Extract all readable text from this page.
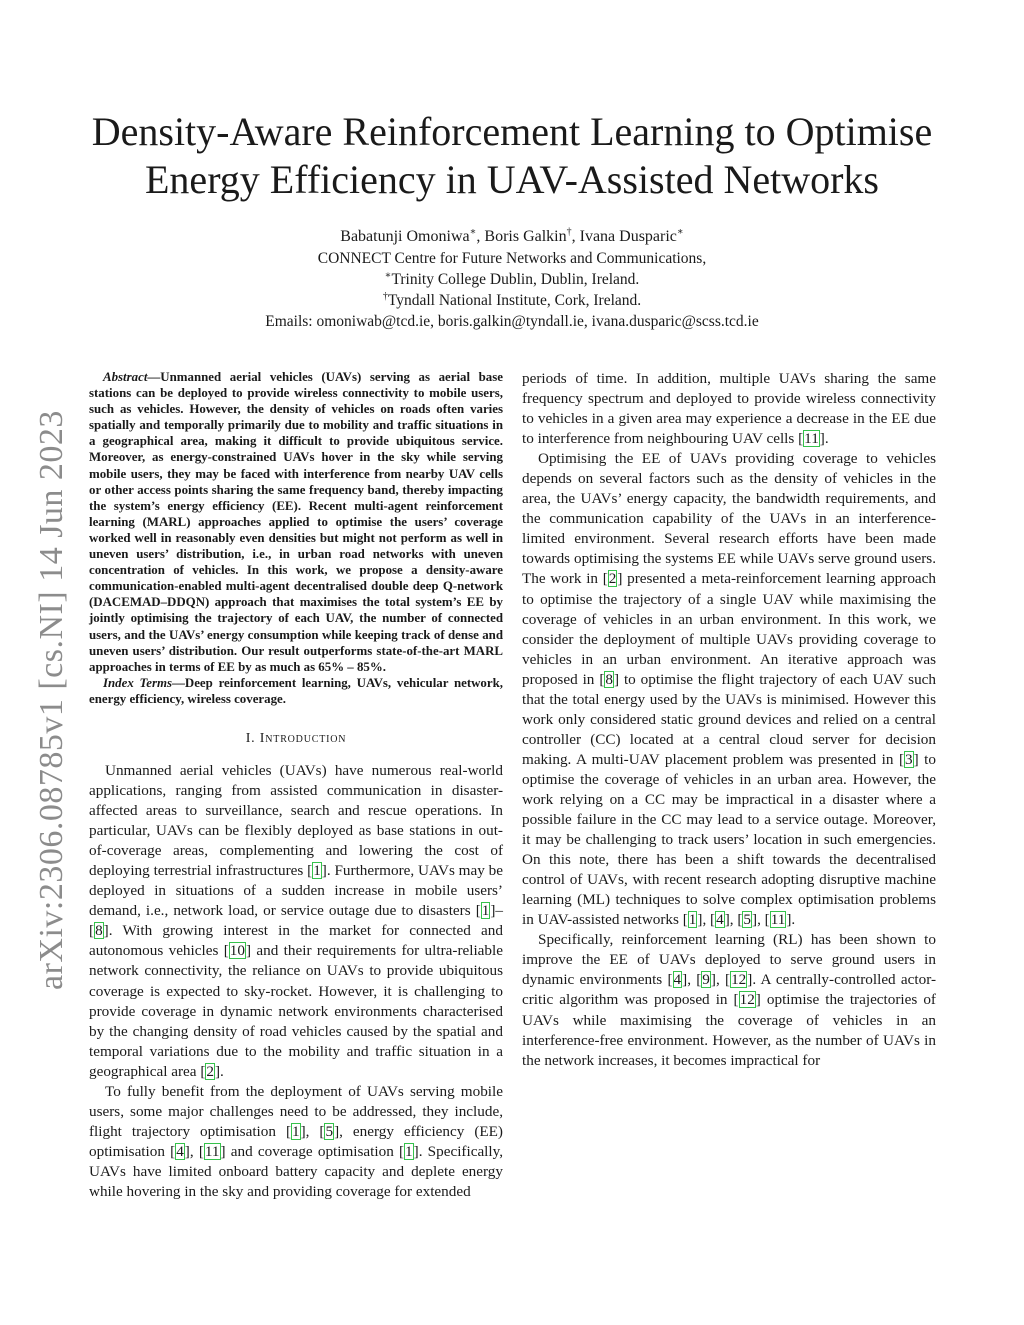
arXiv:2306.08785v1 [cs.NI] 14 Jun 2023
Density-Aware Reinforcement Learning to Optimise
Energy Efficiency in UAV-Assisted Networks
Babatunji Omoniwa∗, Boris Galkin†, Ivana Dusparic∗
CONNECT Centre for Future Networks and Communications,
∗Trinity College Dublin, Dublin, Ireland.
†Tyndall National Institute, Cork, Ireland.
Emails: omoniwab@tcd.ie, boris.galkin@tyndall.ie, ivana.dusparic@scss.tcd.ie

Abstract—Unmanned aerial vehicles (UAVs) serving as aerial base stations can be deployed to provide wireless connectivity to mobile users, such as vehicles. However, the density of vehicles on roads often varies spatially and temporally primarily due to mobility and traffic situations in a geographical area, making it difficult to provide ubiquitous service. Moreover, as energy-constrained UAVs hover in the sky while serving mobile users, they may be faced with interference from nearby UAV cells or other access points sharing the same frequency band, thereby impacting the system’s energy efficiency (EE). Recent multi-agent reinforcement learning (MARL) approaches applied to optimise the users’ coverage worked well in reasonably even densities but might not perform as well in uneven users’ distribution, i.e., in urban road networks with uneven concentration of vehicles. In this work, we propose a density-aware communication-enabled multi-agent decentralised double deep Q-network (DACEMAD–DDQN) approach that maximises the total system’s EE by jointly optimising the trajectory of each UAV, the number of connected users, and the UAVs’ energy consumption while keeping track of dense and uneven users’ distribution. Our result outperforms state-of-the-art MARL approaches in terms of EE by as much as 65% – 85%.

Index Terms—Deep reinforcement learning, UAVs, vehicular network, energy efficiency, wireless coverage.

I. Introduction

Unmanned aerial vehicles (UAVs) have numerous real-world applications, ranging from assisted communication in disaster-affected areas to surveillance, search and rescue operations. In particular, UAVs can be flexibly deployed as base stations in out-of-coverage areas, complementing and lowering the cost of deploying terrestrial infrastructures [1]. Furthermore, UAVs may be deployed in situations of a sudden increase in mobile users’ demand, i.e., network load, or service outage due to disasters [1]–[8]. With growing interest in the market for connected and autonomous vehicles [10] and their requirements for ultra-reliable network connectivity, the reliance on UAVs to provide ubiquitous coverage is expected to sky-rocket. However, it is challenging to provide coverage in dynamic network environments characterised by the changing density of road vehicles caused by the spatial and temporal variations due to the mobility and traffic situation in a geographical area [2].

To fully benefit from the deployment of UAVs serving mobile users, some major challenges need to be addressed, they include, flight trajectory optimisation [1], [5], energy efficiency (EE) optimisation [4], [11] and coverage optimisation [1]. Specifically, UAVs have limited onboard battery capacity and deplete energy while hovering in the sky and providing coverage for extended

periods of time. In addition, multiple UAVs sharing the same frequency spectrum and deployed to provide wireless connectivity to vehicles in a given area may experience a decrease in the EE due to interference from neighbouring UAV cells [11].

Optimising the EE of UAVs providing coverage to vehicles depends on several factors such as the density of vehicles in the area, the UAVs’ energy capacity, the bandwidth requirements, and the communication capability of the UAVs in an interference-limited environment. Several research efforts have been made towards optimising the systems EE while UAVs serve ground users. The work in [2] presented a meta-reinforcement learning approach to optimise the trajectory of a single UAV while maximising the coverage of vehicles in an urban environment. In this work, we consider the deployment of multiple UAVs providing coverage to vehicles in an urban environment. An iterative approach was proposed in [8] to optimise the flight trajectory of each UAV such that the total energy used by the UAVs is minimised. However this work only considered static ground devices and relied on a central controller (CC) located at a central cloud server for decision making. A multi-UAV placement problem was presented in [3] to optimise the coverage of vehicles in an urban area. However, the work relying on a CC may be impractical in a disaster where a possible failure in the CC may lead to a service outage. Moreover, it may be challenging to track users’ location in such emergencies. On this note, there has been a shift towards the decentralised control of UAVs, with recent research adopting disruptive machine learning (ML) techniques to solve complex optimisation problems in UAV-assisted networks [1], [4], [5], [11].

Specifically, reinforcement learning (RL) has been shown to improve the EE of UAVs deployed to serve ground users in dynamic environments [4], [9], [12]. A centrally-controlled actor-critic algorithm was proposed in [12] optimise the trajectories of UAVs while maximising the coverage of vehicles in an interference-free environment. However, as the number of UAVs in the network increases, it becomes impractical for
